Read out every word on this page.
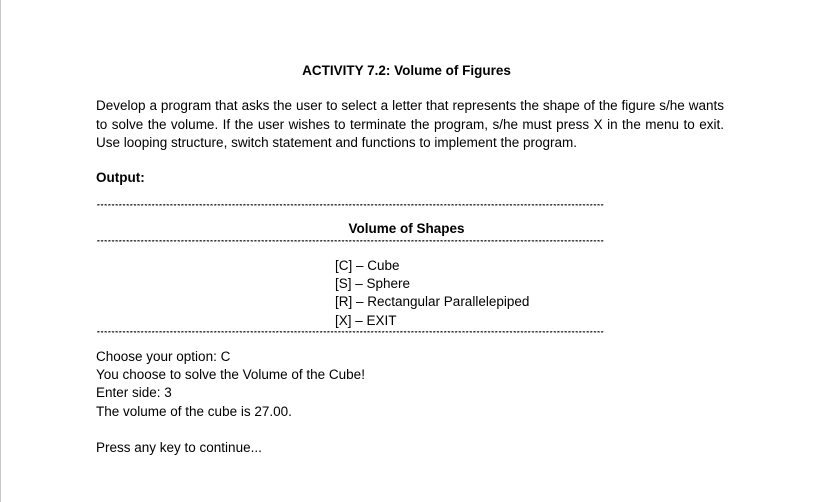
ACTIVITY 7.2: Volume of Figures
Develop a program that asks the user to select a letter that represents the shape of the figure s/he wants to solve the volume. If the user wishes to terminate the program, s/he must press X in the menu to exit. Use looping structure, switch statement and functions to implement the program.
Output:
*******************************************************************************************************************************************
Volume of Shapes
*******************************************************************************************************************************************
[C] – Cube
[S] – Sphere
[R] – Rectangular Parallelepiped
[X] – EXIT
*******************************************************************************************************************************************
Choose your option: C
You choose to solve the Volume of the Cube!
Enter side: 3
The volume of the cube is 27.00.
Press any key to continue...
